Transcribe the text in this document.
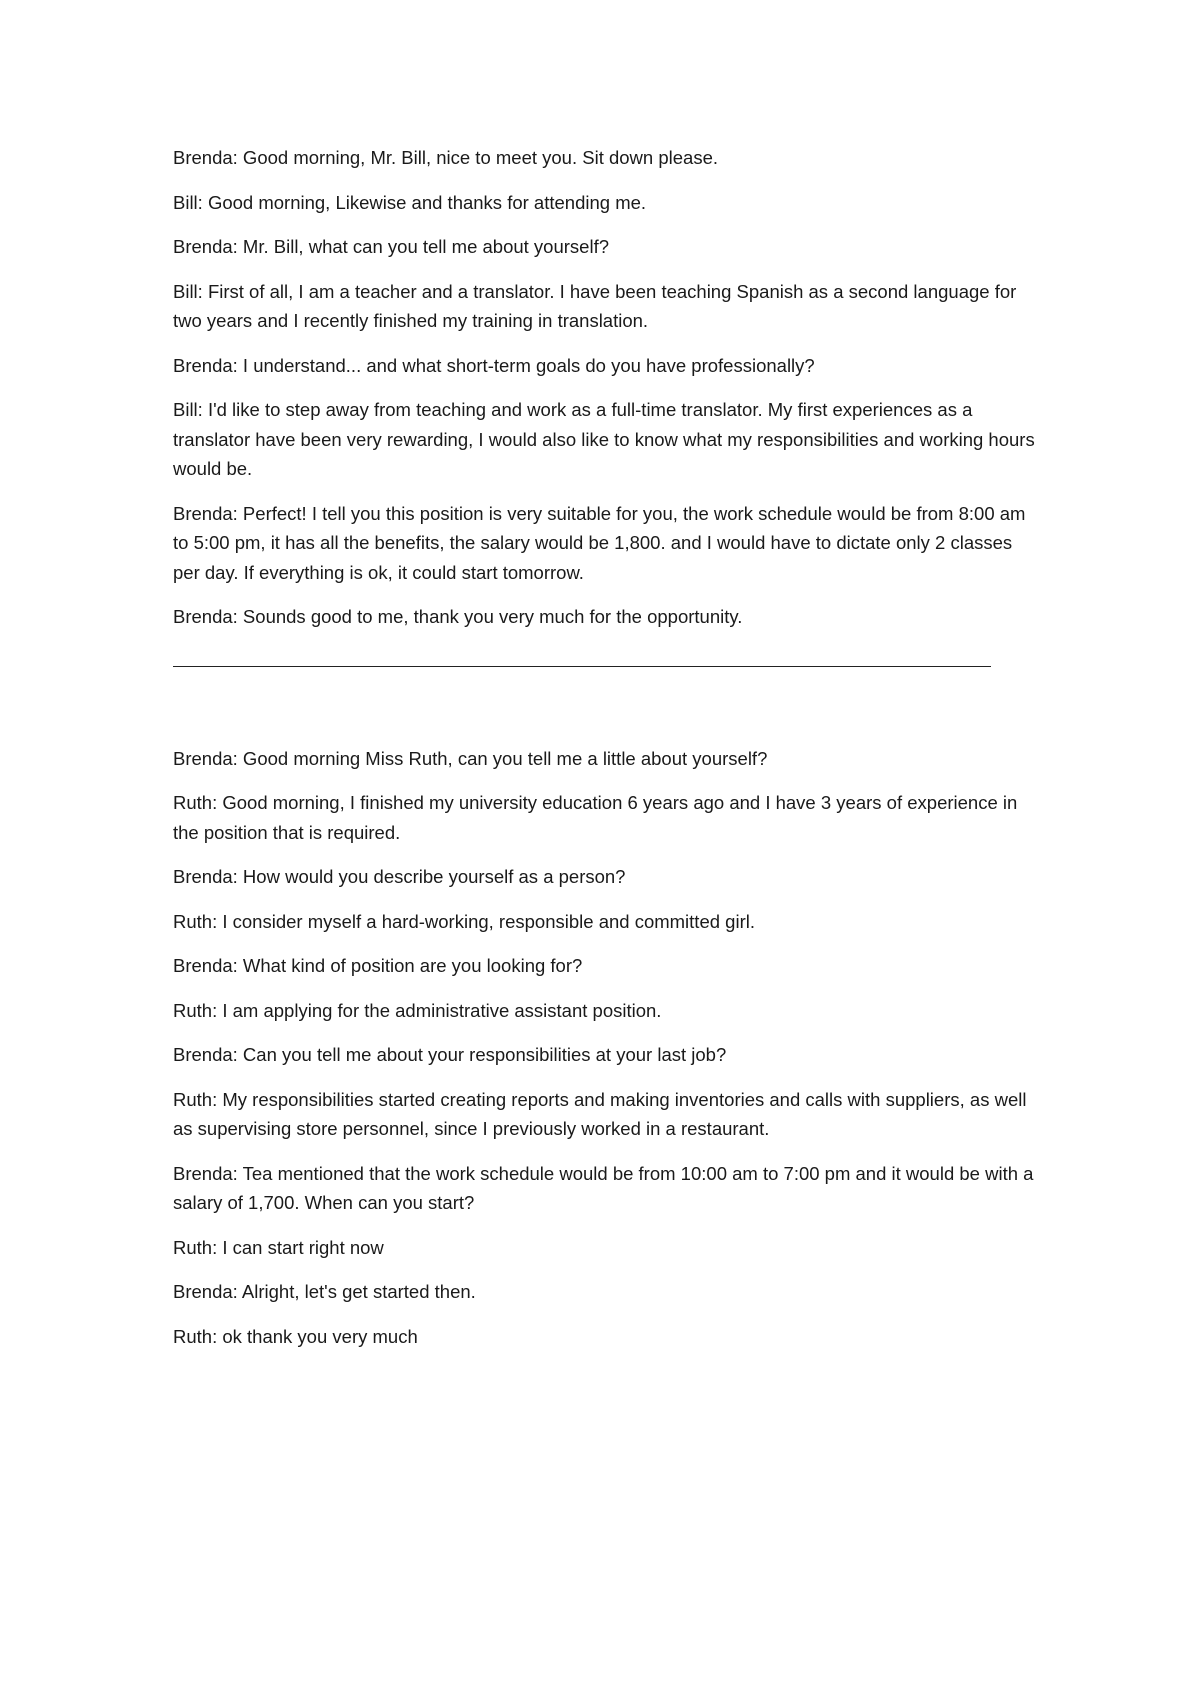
Brenda: Good morning, Mr. Bill, nice to meet you. Sit down please.

Bill: Good morning, Likewise and thanks for attending me.

Brenda: Mr. Bill, what can you tell me about yourself?

Bill: First of all, I am a teacher and a translator. I have been teaching Spanish as a second language for two years and I recently finished my training in translation.

Brenda: I understand... and what short-term goals do you have professionally?

Bill: I'd like to step away from teaching and work as a full-time translator. My first experiences as a translator have been very rewarding, I would also like to know what my responsibilities and working hours would be.

Brenda: Perfect! I tell you this position is very suitable for you, the work schedule would be from 8:00 am to 5:00 pm, it has all the benefits, the salary would be 1,800. and I would have to dictate only 2 classes per day. If everything is ok, it could start tomorrow.

Brenda: Sounds good to me, thank you very much for the opportunity.

Brenda: Good morning Miss Ruth, can you tell me a little about yourself?

Ruth: Good morning, I finished my university education 6 years ago and I have 3 years of experience in the position that is required.

Brenda: How would you describe yourself as a person?

Ruth: I consider myself a hard-working, responsible and committed girl.

Brenda: What kind of position are you looking for?

Ruth: I am applying for the administrative assistant position.

Brenda: Can you tell me about your responsibilities at your last job?

Ruth: My responsibilities started creating reports and making inventories and calls with suppliers, as well as supervising store personnel, since I previously worked in a restaurant.

Brenda: Tea mentioned that the work schedule would be from 10:00 am to 7:00 pm and it would be with a salary of 1,700. When can you start?

Ruth: I can start right now

Brenda: Alright, let's get started then.

Ruth: ok thank you very much
